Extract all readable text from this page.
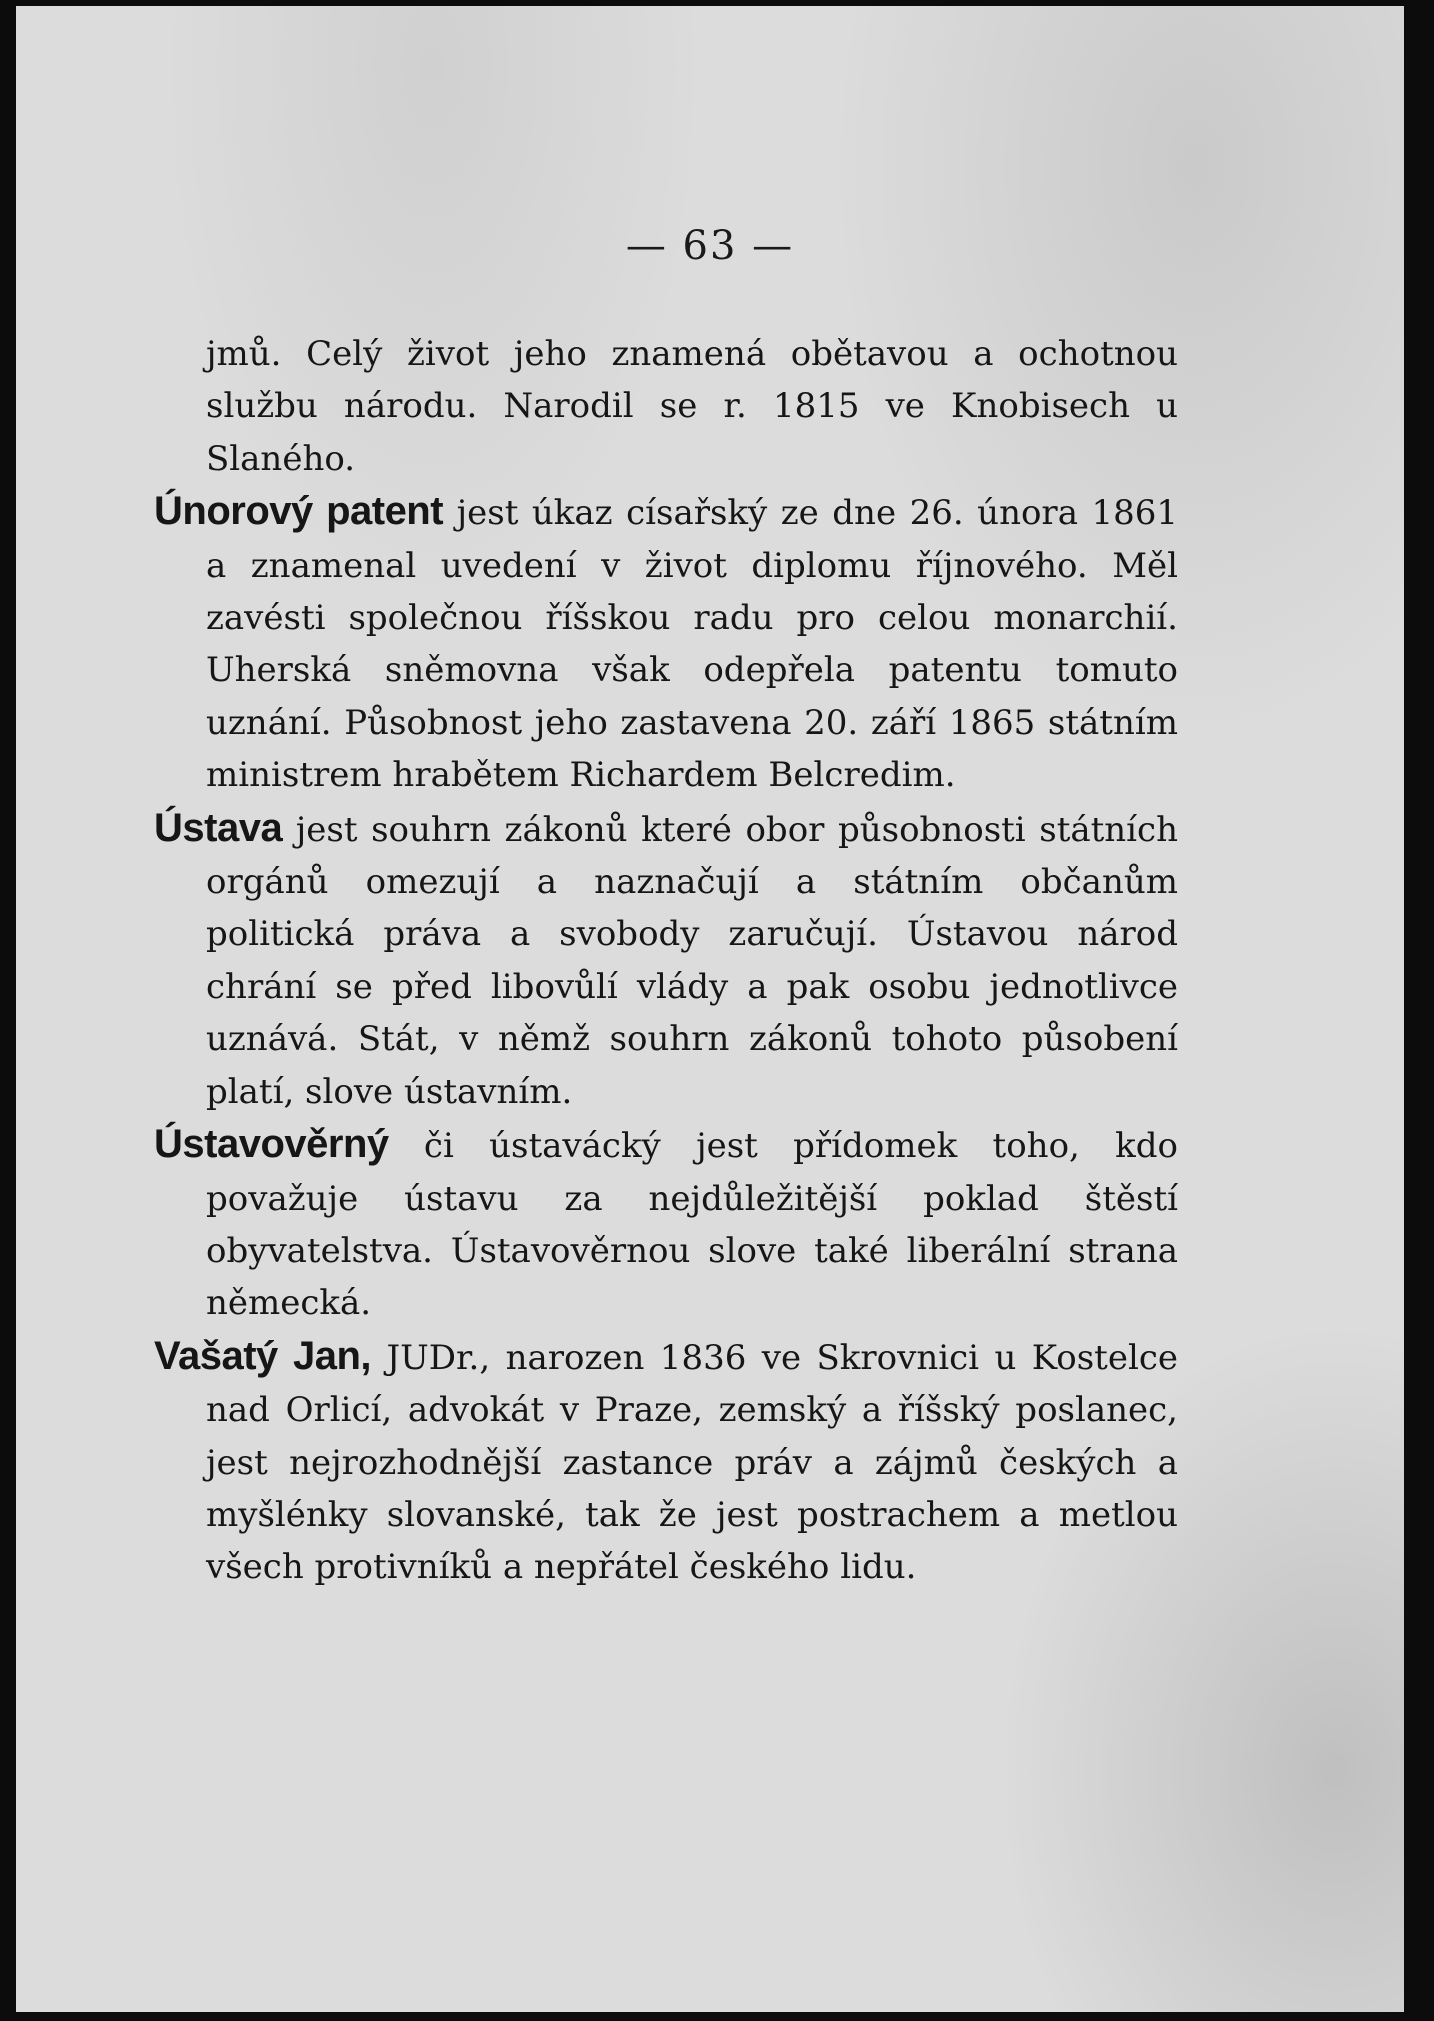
— 63 —

jmů. Celý život jeho znamená obětavou a ochotnou službu národu. Narodil se r. 1815 ve Knobisech u Slaného.

Únorový patent jest úkaz císařský ze dne 26. února 1861 a znamenal uvedení v život diplomu říjnového. Měl zavésti společnou říšskou radu pro celou monarchií. Uherská sněmovna však odepřela patentu tomuto uznání. Působnost jeho zastavena 20. září 1865 státním ministrem hrabětem Richardem Belcredim.

Ústava jest souhrn zákonů které obor působnosti státních orgánů omezují a naznačují a státním občanům politická práva a svobody zaručují. Ústavou národ chrání se před libovůlí vlády a pak osobu jednotlivce uznává. Stát, v němž souhrn zákonů tohoto působení platí, slove ústavním.

Ústavověrný či ústavácký jest přídomek toho, kdo považuje ústavu za nejdůležitější poklad štěstí obyvatelstva. Ústavověrnou slove také liberální strana německá.

Vašatý Jan, JUDr., narozen 1836 ve Skrovnici u Kostelce nad Orlicí, advokát v Praze, zemský a říšský poslanec, jest nejrozhodnější zastance práv a zájmů českých a myšlénky slovanské, tak že jest postrachem a metlou všech protivníků a nepřátel českého lidu.
